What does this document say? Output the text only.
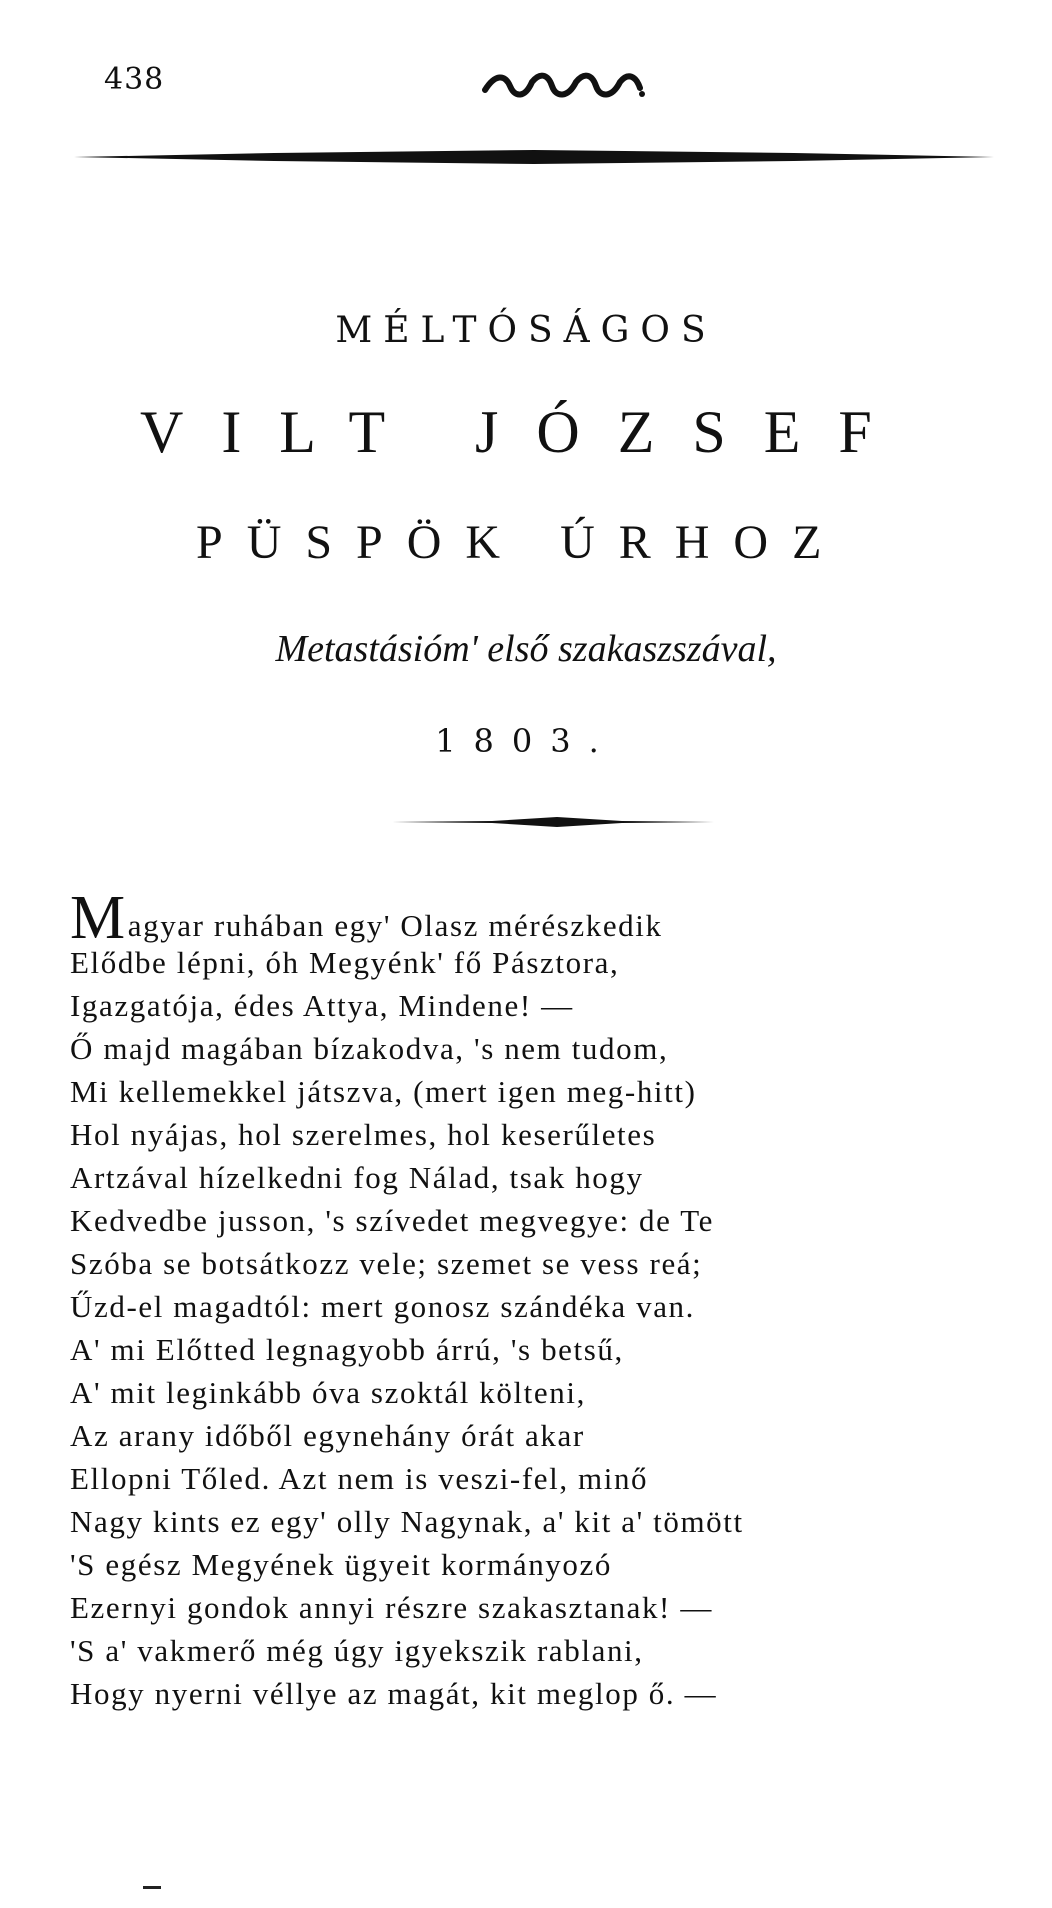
438
MÉLTÓSÁGOS
VILT JÓZSEF
PÜSPÖK ÚRHOZ
Metastásióm' első szakaszszával,
1803.
Magyar ruhában egy' Olasz mérészkedik
Elődbe lépni, óh Megyénk' fő Pásztora,
Igazgatója, édes Attya, Mindene! —
Ő majd magában bízakodva, 's nem tudom,
Mi kellemekkel játszva, (mert igen meg-hitt)
Hol nyájas, hol szerelmes, hol keserűletes
Artzával hízelkedni fog Nálad, tsak hogy
Kedvedbe jusson, 's szívedet megvegye: de Te
Szóba se botsátkozz vele; szemet se vess reá;
Űzd-el magadtól: mert gonosz szándéka van.
A' mi Előtted legnagyobb árrú, 's betsű,
A' mit leginkább óva szoktál költeni,
Az arany időből egynehány órát akar
Ellopni Tőled. Azt nem is veszi-fel, minő
Nagy kints ez egy' olly Nagynak, a' kit a' tömött
'S egész Megyének ügyeit kormányozó
Ezernyi gondok annyi részre szakasztanak! —
'S a' vakmerő még úgy igyekszik rablani,
Hogy nyerni véllye az magát, kit meglop ő. —
